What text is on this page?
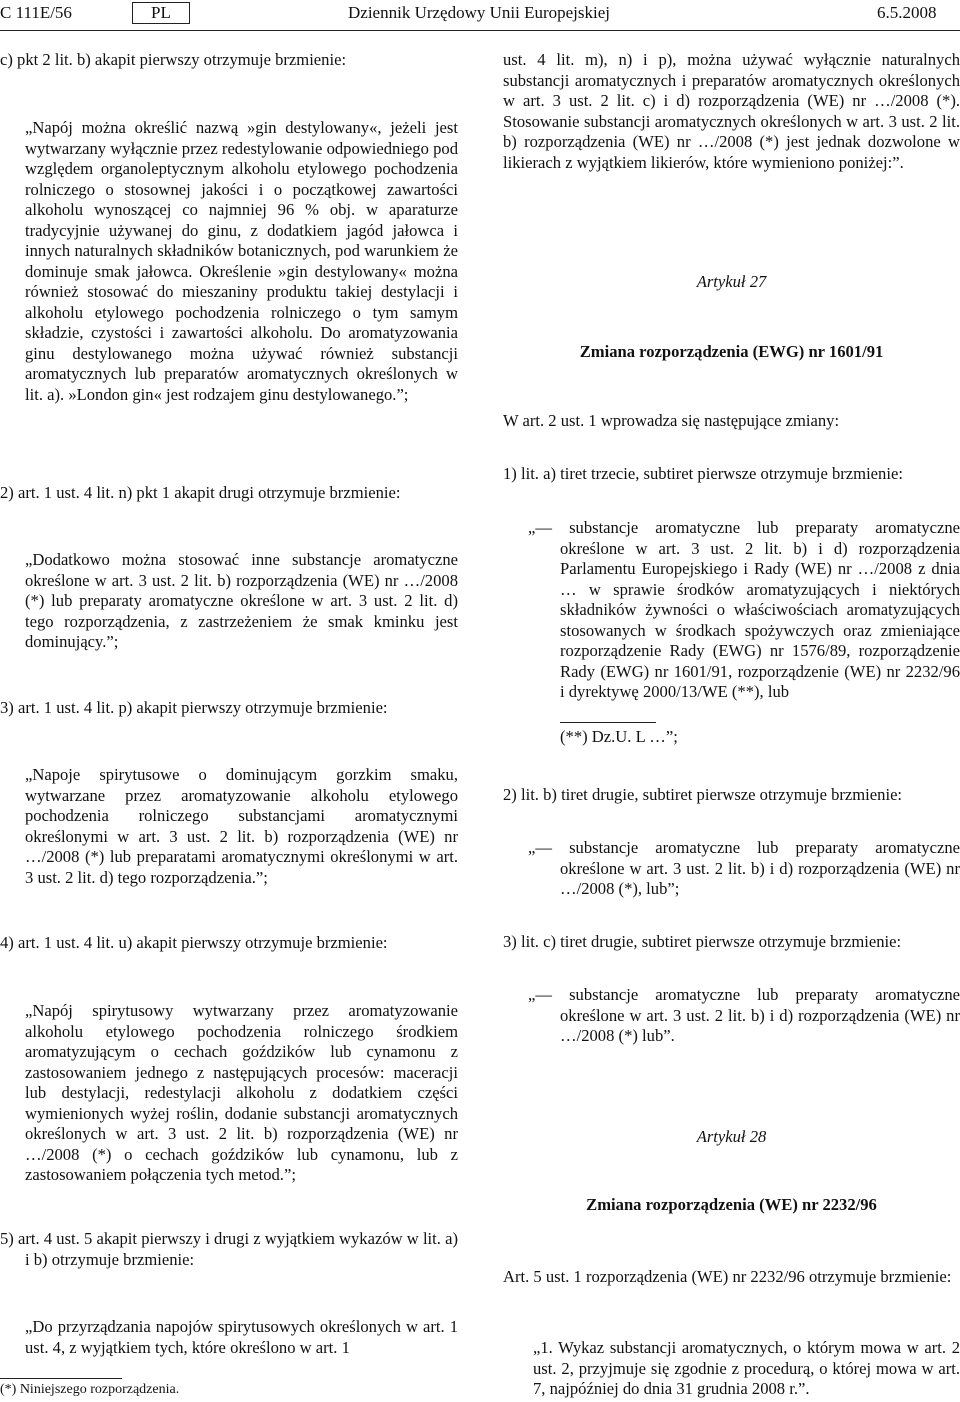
C 111E/56	PL	Dziennik Urzędowy Unii Europejskiej	6.5.2008
c) pkt 2 lit. b) akapit pierwszy otrzymuje brzmienie:
„Napój można określić nazwą »gin destylowany«, jeżeli jest wytwarzany wyłącznie przez redestylowanie odpowiedniego pod względem organoleptycznym alkoholu etylowego pochodzenia rolniczego o stosownej jakości i o początkowej zawartości alkoholu wynoszącej co najmniej 96 % obj. w aparaturze tradycyjnie używanej do ginu, z dodatkiem jagód jałowca i innych naturalnych składników botanicznych, pod warunkiem że dominuje smak jałowca. Określenie »gin destylowany« można również stosować do mieszaniny produktu takiej destylacji i alkoholu etylowego pochodzenia rolniczego o tym samym składzie, czystości i zawartości alkoholu. Do aromatyzowania ginu destylowanego można używać również substancji aromatycznych lub preparatów aromatycznych określonych w lit. a). »London gin« jest rodzajem ginu destylowanego.”;
2) art. 1 ust. 4 lit. n) pkt 1 akapit drugi otrzymuje brzmienie:
„Dodatkowo można stosować inne substancje aromatyczne określone w art. 3 ust. 2 lit. b) rozporządzenia (WE) nr …/2008 (*) lub preparaty aromatyczne określone w art. 3 ust. 2 lit. d) tego rozporządzenia, z zastrzeżeniem że smak kminku jest dominujący.”;
3) art. 1 ust. 4 lit. p) akapit pierwszy otrzymuje brzmienie:
„Napoje spirytusowe o dominującym gorzkim smaku, wytwarzane przez aromatyzowanie alkoholu etylowego pochodzenia rolniczego substancjami aromatycznymi określonymi w art. 3 ust. 2 lit. b) rozporządzenia (WE) nr …/2008 (*) lub preparatami aromatycznymi określonymi w art. 3 ust. 2 lit. d) tego rozporządzenia.”;
4) art. 1 ust. 4 lit. u) akapit pierwszy otrzymuje brzmienie:
„Napój spirytusowy wytwarzany przez aromatyzowanie alkoholu etylowego pochodzenia rolniczego środkiem aromatyzującym o cechach goździków lub cynamonu z zastosowaniem jednego z następujących procesów: maceracji lub destylacji, redestylacji alkoholu z dodatkiem części wymienionych wyżej roślin, dodanie substancji aromatycznych określonych w art. 3 ust. 2 lit. b) rozporządzenia (WE) nr …/2008 (*) o cechach goździków lub cynamonu, lub z zastosowaniem połączenia tych metod.”;
5) art. 4 ust. 5 akapit pierwszy i drugi z wyjątkiem wykazów w lit. a) i b) otrzymuje brzmienie:
„Do przyrządzania napojów spirytusowych określonych w art. 1 ust. 4, z wyjątkiem tych, które określono w art. 1
(*) Niniejszego rozporządzenia.
ust. 4 lit. m), n) i p), można używać wyłącznie naturalnych substancji aromatycznych i preparatów aromatycznych określonych w art. 3 ust. 2 lit. c) i d) rozporządzenia (WE) nr …/2008 (*). Stosowanie substancji aromatycznych określonych w art. 3 ust. 2 lit. b) rozporządzenia (WE) nr …/2008 (*) jest jednak dozwolone w likierach z wyjątkiem likierów, które wymieniono poniżej:”.
Artykuł 27
Zmiana rozporządzenia (EWG) nr 1601/91
W art. 2 ust. 1 wprowadza się następujące zmiany:
1) lit. a) tiret trzecie, subtiret pierwsze otrzymuje brzmienie:
„— substancje aromatyczne lub preparaty aromatyczne określone w art. 3 ust. 2 lit. b) i d) rozporządzenia Parlamentu Europejskiego i Rady (WE) nr …/2008 z dnia … w sprawie środków aromatyzujących i niektórych składników żywności o właściwościach aromatyzujących stosowanych w środkach spożywczych oraz zmieniające rozporządzenie Rady (EWG) nr 1576/89, rozporządzenie Rady (EWG) nr 1601/91, rozporządzenie (WE) nr 2232/96 i dyrektywę 2000/13/WE (**), lub
(**) Dz.U. L …”;
2) lit. b) tiret drugie, subtiret pierwsze otrzymuje brzmienie:
„— substancje aromatyczne lub preparaty aromatyczne określone w art. 3 ust. 2 lit. b) i d) rozporządzenia (WE) nr …/2008 (*), lub”;
3) lit. c) tiret drugie, subtiret pierwsze otrzymuje brzmienie:
„— substancje aromatyczne lub preparaty aromatyczne określone w art. 3 ust. 2 lit. b) i d) rozporządzenia (WE) nr …/2008 (*) lub”.
Artykuł 28
Zmiana rozporządzenia (WE) nr 2232/96
Art. 5 ust. 1 rozporządzenia (WE) nr 2232/96 otrzymuje brzmienie:
„1. Wykaz substancji aromatycznych, o którym mowa w art. 2 ust. 2, przyjmuje się zgodnie z procedurą, o której mowa w art. 7, najpóźniej do dnia 31 grudnia 2008 r.”.
